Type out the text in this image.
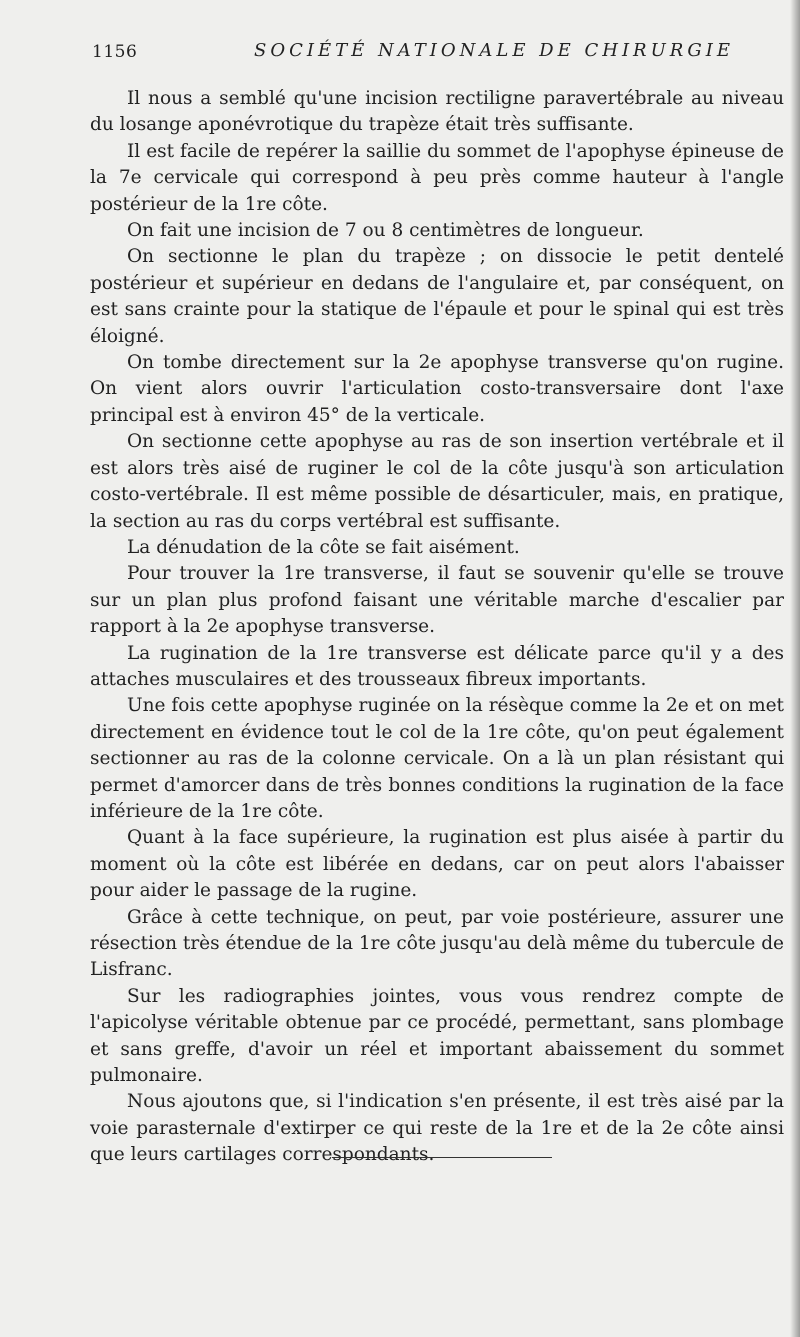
1156	SOCIÉTÉ NATIONALE DE CHIRURGIE

Il nous a semblé qu'une incision rectiligne paravertébrale au niveau du losange aponévrotique du trapèze était très suffisante.

Il est facile de repérer la saillie du sommet de l'apophyse épineuse de la 7e cervicale qui correspond à peu près comme hauteur à l'angle postérieur de la 1re côte.

On fait une incision de 7 ou 8 centimètres de longueur.

On sectionne le plan du trapèze ; on dissocie le petit dentelé postérieur et supérieur en dedans de l'angulaire et, par conséquent, on est sans crainte pour la statique de l'épaule et pour le spinal qui est très éloigné.

On tombe directement sur la 2e apophyse transverse qu'on rugine. On vient alors ouvrir l'articulation costo-transversaire dont l'axe principal est à environ 45° de la verticale.

On sectionne cette apophyse au ras de son insertion vertébrale et il est alors très aisé de ruginer le col de la côte jusqu'à son articulation costo-vertébrale. Il est même possible de désarticuler, mais, en pratique, la section au ras du corps vertébral est suffisante.

La dénudation de la côte se fait aisément.

Pour trouver la 1re transverse, il faut se souvenir qu'elle se trouve sur un plan plus profond faisant une véritable marche d'escalier par rapport à la 2e apophyse transverse.

La rugination de la 1re transverse est délicate parce qu'il y a des attaches musculaires et des trousseaux fibreux importants.

Une fois cette apophyse ruginée on la résèque comme la 2e et on met directement en évidence tout le col de la 1re côte, qu'on peut également sectionner au ras de la colonne cervicale. On a là un plan résistant qui permet d'amorcer dans de très bonnes conditions la rugination de la face inférieure de la 1re côte.

Quant à la face supérieure, la rugination est plus aisée à partir du moment où la côte est libérée en dedans, car on peut alors l'abaisser pour aider le passage de la rugine.

Grâce à cette technique, on peut, par voie postérieure, assurer une résection très étendue de la 1re côte jusqu'au delà même du tubercule de Lisfranc.

Sur les radiographies jointes, vous vous rendrez compte de l'apicolyse véritable obtenue par ce procédé, permettant, sans plombage et sans greffe, d'avoir un réel et important abaissement du sommet pulmonaire.

Nous ajoutons que, si l'indication s'en présente, il est très aisé par la voie parasternale d'extirper ce qui reste de la 1re et de la 2e côte ainsi que leurs cartilages correspondants.
